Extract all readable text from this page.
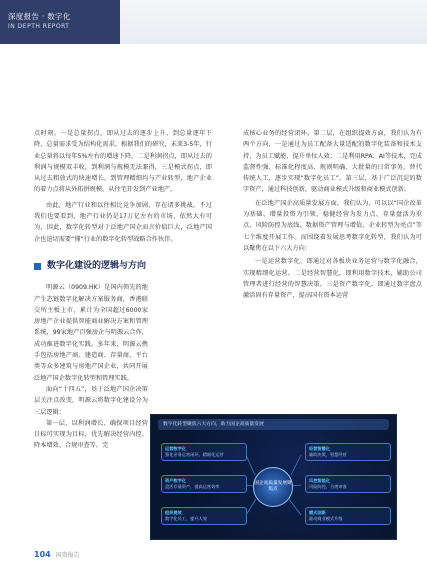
深度报告 · 数字化
IN DEPTH REPORT

点时刻。一是总量拐点，即从过去的逐步上升，到总量逐年下降，总量需求受为结构化需求，根据我们的研究，未来3-5年，行业总量将以每年5%左右的增速下降，二是利润拐点，即从过去的利润与规模双丰收，到利润与规模无法兼得，三是模式拐点，即从过去粗放式的快速增长，到管理精细均与产业转型，地产企业的着力点将从外拓拼规模，从往宅开发到产业地产。

由此，地产行业和以往相比竞争加剧，存在诸多挑战。不过我们也要看到，地产行业仍是17万亿左右的市场，依然大有可为，因此，数字化转型对于泛地产国企而言价值巨大，泛地产国企也迫切需要“懂”行业的数字化转型战略合作伙伴。

数字化建设的逻辑与方向

明源云（0909.HK）是国内领先的地产生态链数字化解决方案服务商，香港联交所主板上市，累计为全国超过6000家房地产企业提供智能商业解决方案和管理系统，99家地产百强房企与明源云合作，成功推进数字化实践。多年来，明源云携手包括房地产商、建造商、存量商、平台类等众多建筑与房地产国企业，共同开展泛地产国企数字化转型和管理实践。

面向“十四五”，基于泛地产国企决策层关注点改变，明源云将数字化建设分为三层逻辑：

第一层，以利润增长、确保项目经营目标可实现为目标，优先解决经营内控、降本增效、合规审查等。完

成核心业务的经营闭环。第二层，在组织提效方面，我们认为有两个方向，一是通过为员工配备大量适配的数字化装备和技术支持，为员工赋能，提升单位人效；二是利用RPA、AI等技术，完成监督性强、标准化程度高、规则明确、大批量的日常事务，替代传统人工，逐步实现“数字化员工”。第三层，基于广泛沉淀的数字资产，通过科技创新，驱动商业模式升级和商业模式创新。

在泛地产国企高质量发展方面，我们认为，可以以“国企改革为基础、增量投资为引领、稳健经营为发力点、存量盘活为重点、风险防控为底线、数据资产管理与增值、企业转型为亮点”等七个维度开展工作。而围绕着发展思考数字化转型，我们认为可以聚焦在以下六大方向：

一是运营数字化，即通过对各板块业务运营与数字化融合，实现精细化运营。二是经营智慧化，即利用数字技术，辅助公司管理者进行经营的智慧决策。三是资产数字化，即通过数字盘点激活固有存量资产，提高国有资本运营

数字化转型聚焦六大方向，助力国企高质量发展
运营数字化
强化业务运营闭环，精细化运营
经营智慧化
辅助决策，智慧经营
资产数字化
盘活存量资产，提高运营效率
风控智能化
风险防控，合规审查
组织提效
数字化员工，提升人效
模式创新
驱动商业模式升级
国企高质量发展聚焦点
104 国资报告
